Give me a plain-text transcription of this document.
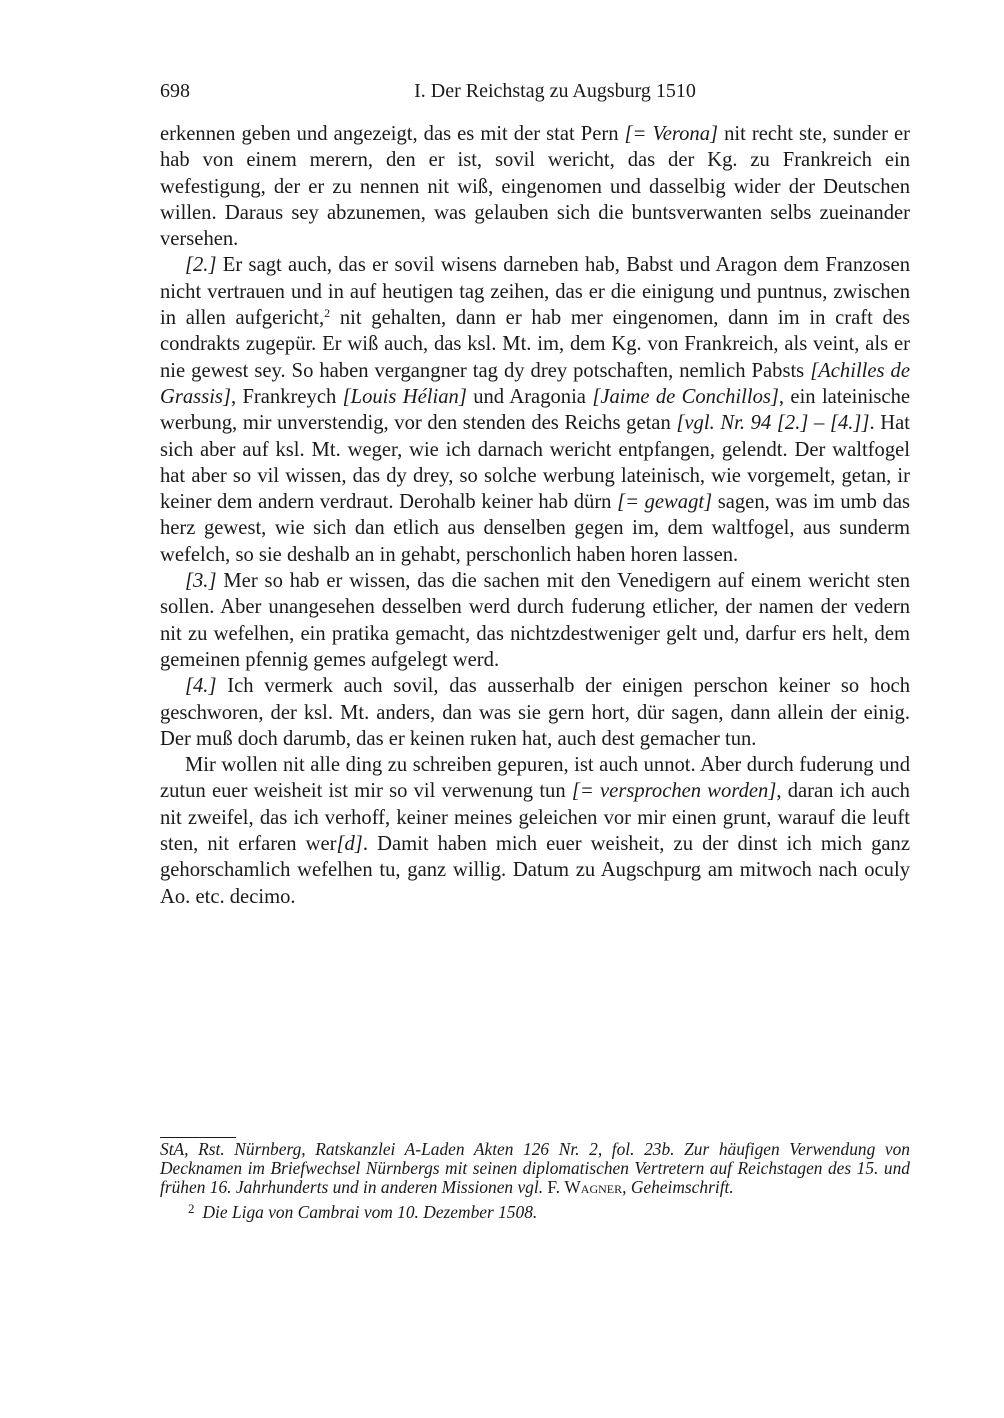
698	I. Der Reichstag zu Augsburg 1510

erkennen geben und angezeigt, das es mit der stat Pern [= Verona] nit recht ste, sunder er hab von einem merern, den er ist, sovil wericht, das der Kg. zu Frankreich ein wefestigung, der er zu nennen nit wiß, eingenomen und dasselbig wider der Deutschen willen. Daraus sey abzunemen, was gelauben sich die buntsverwanten selbs zueinander versehen.

[2.] Er sagt auch, das er sovil wisens darneben hab, Babst und Aragon dem Franzosen nicht vertrauen und in auf heutigen tag zeihen, das er die einigung und puntnus, zwischen in allen aufgericht,$^2$ nit gehalten, dann er hab mer eingenomen, dann im in craft des condrakts zugepür. Er wiß auch, das ksl. Mt. im, dem Kg. von Frankreich, als veint, als er nie gewest sey. So haben vergangner tag dy drey potschaften, nemlich Pabsts [Achilles de Grassis], Frankreych [Louis Hélian] und Aragonia [Jaime de Conchillos], ein lateinische werbung, mir unverstendig, vor den stenden des Reichs getan [vgl. Nr. 94 [2.] – [4.]]. Hat sich aber auf ksl. Mt. weger, wie ich darnach wericht entpfangen, gelendt. Der waltfogel hat aber so vil wissen, das dy drey, so solche werbung lateinisch, wie vorgemelt, getan, ir keiner dem andern verdraut. Derohalb keiner hab dürn [= gewagt] sagen, was im umb das herz gewest, wie sich dan etlich aus denselben gegen im, dem waltfogel, aus sunderm wefelch, so sie deshalb an in gehabt, perschonlich haben horen lassen.

[3.] Mer so hab er wissen, das die sachen mit den Venedigern auf einem wericht sten sollen. Aber unangesehen desselben werd durch fuderung etlicher, der namen der vedern nit zu wefelhen, ein pratika gemacht, das nichtzdestweniger gelt und, darfur ers helt, dem gemeinen pfennig gemes aufgelegt werd.

[4.] Ich vermerk auch sovil, das ausserhalb der einigen perschon keiner so hoch geschworen, der ksl. Mt. anders, dan was sie gern hort, dür sagen, dann allein der einig. Der muß doch darumb, das er keinen ruken hat, auch dest gemacher tun.

Mir wollen nit alle ding zu schreiben gepuren, ist auch unnot. Aber durch fuderung und zutun euer weisheit ist mir so vil verwenung tun [= versprochen worden], daran ich auch nit zweifel, das ich verhoff, keiner meines geleichen vor mir einen grunt, warauf die leuft sten, nit erfaren wer[d]. Damit haben mich euer weisheit, zu der dinst ich mich ganz gehorschamlich wefelhen tu, ganz willig. Datum zu Augschpurg am mitwoch nach oculy Ao. etc. decimo.

StA, Rst. Nürnberg, Ratskanzlei A-Laden Akten 126 Nr. 2, fol. 23b. Zur häufigen Verwendung von Decknamen im Briefwechsel Nürnbergs mit seinen diplomatischen Vertretern auf Reichstagen des 15. und frühen 16. Jahrhunderts und in anderen Missionen vgl. F. Wagner, Geheimschrift.

$^2$ Die Liga von Cambrai vom 10. Dezember 1508.
